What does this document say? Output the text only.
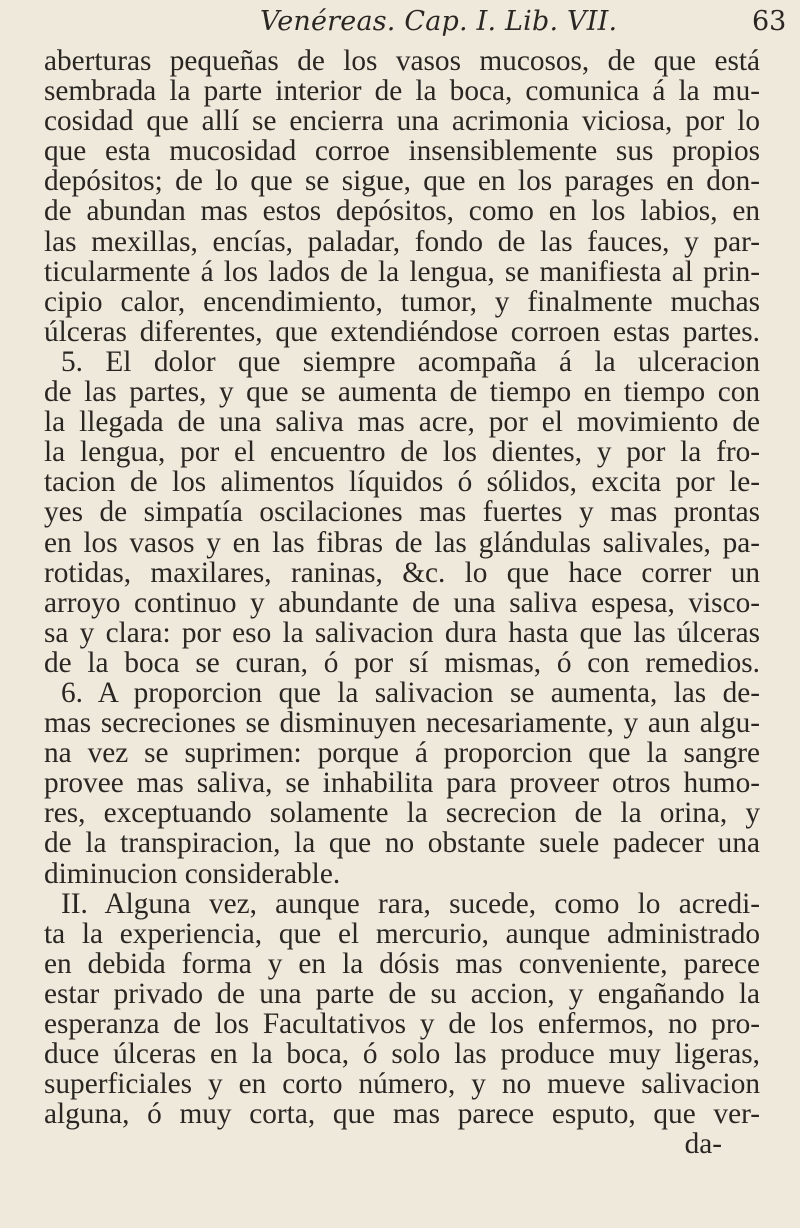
Venéreas. Cap. I. Lib. VII.	63
aberturas pequeñas de los vasos mucosos, de que está
sembrada la parte interior de la boca, comunica á la mu-
cosidad que allí se encierra una acrimonia viciosa, por lo
que esta mucosidad corroe insensiblemente sus propios
depósitos; de lo que se sigue, que en los parages en don-
de abundan mas estos depósitos, como en los labios, en
las mexillas, encías, paladar, fondo de las fauces, y par-
ticularmente á los lados de la lengua, se manifiesta al prin-
cipio calor, encendimiento, tumor, y finalmente muchas
úlceras diferentes, que extendiéndose corroen estas partes.
5. El dolor que siempre acompaña á la ulceracion
de las partes, y que se aumenta de tiempo en tiempo con
la llegada de una saliva mas acre, por el movimiento de
la lengua, por el encuentro de los dientes, y por la fro-
tacion de los alimentos líquidos ó sólidos, excita por le-
yes de simpatía oscilaciones mas fuertes y mas prontas
en los vasos y en las fibras de las glándulas salivales, pa-
rotidas, maxilares, raninas, &c. lo que hace correr un
arroyo continuo y abundante de una saliva espesa, visco-
sa y clara: por eso la salivacion dura hasta que las úlceras
de la boca se curan, ó por sí mismas, ó con remedios.
6. A proporcion que la salivacion se aumenta, las de-
mas secreciones se disminuyen necesariamente, y aun algu-
na vez se suprimen: porque á proporcion que la sangre
provee mas saliva, se inhabilita para proveer otros humo-
res, exceptuando solamente la secrecion de la orina, y
de la transpiracion, la que no obstante suele padecer una
diminucion considerable.
II. Alguna vez, aunque rara, sucede, como lo acredi-
ta la experiencia, que el mercurio, aunque administrado
en debida forma y en la dósis mas conveniente, parece
estar privado de una parte de su accion, y engañando la
esperanza de los Facultativos y de los enfermos, no pro-
duce úlceras en la boca, ó solo las produce muy ligeras,
superficiales y en corto número, y no mueve salivacion
alguna, ó muy corta, que mas parece esputo, que ver-
da-
